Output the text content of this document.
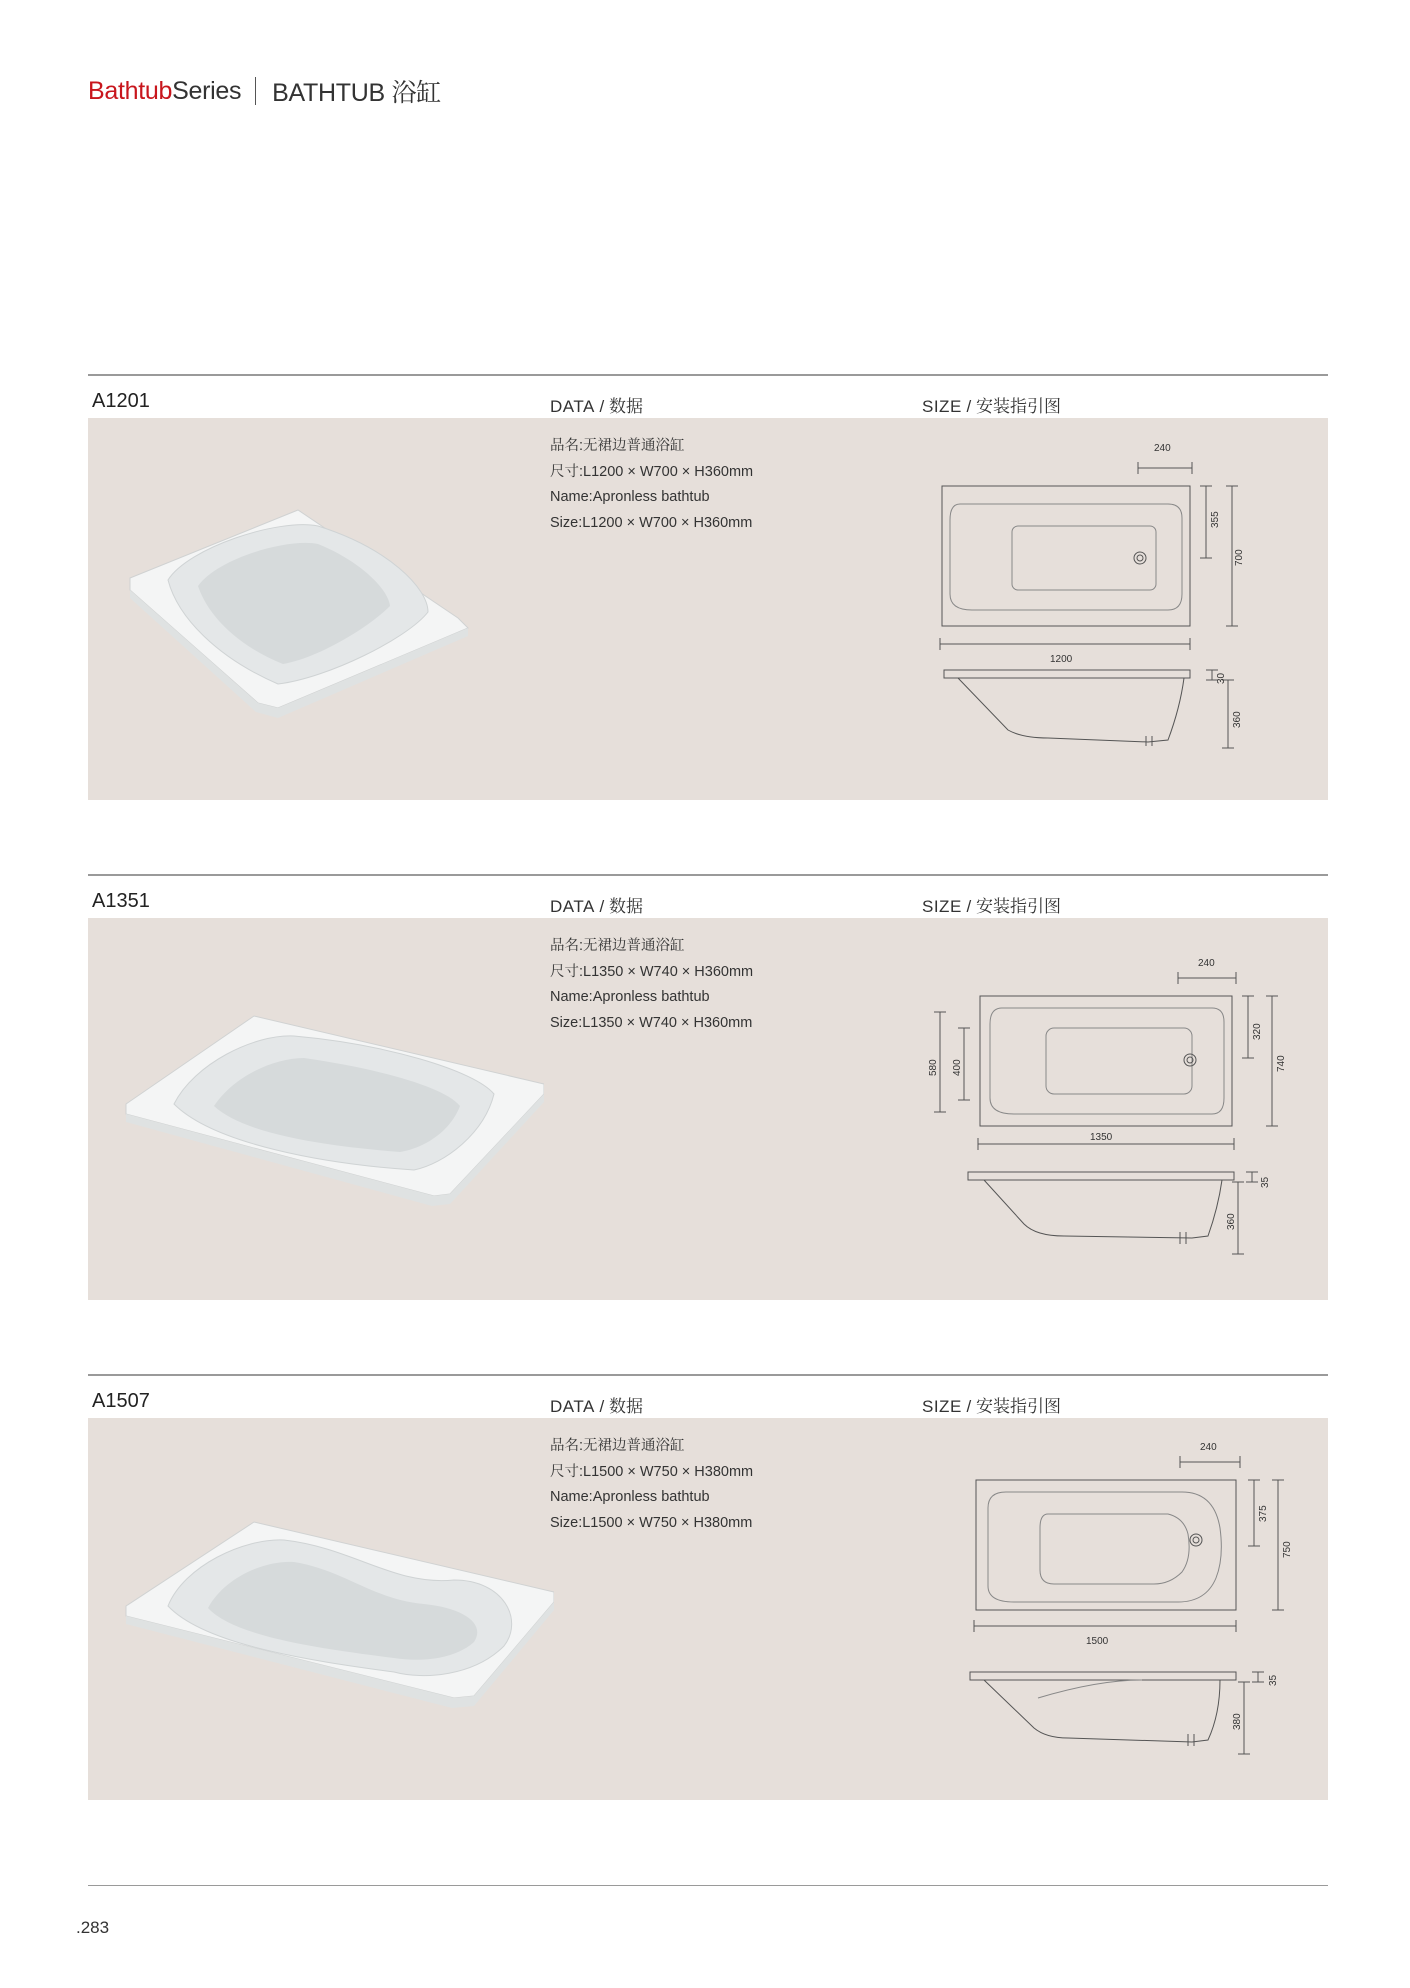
Bathtub Series BATHTUB 浴缸
A1201	DATA / 数据	SIZE / 安装指引图
品名:无裙边普通浴缸
尺寸:L1200 × W700 × H360mm
Name:Apronless bathtub
Size:L1200 × W700 × H360mm
240
355
700
1200
30
360
A1351	DATA / 数据	SIZE / 安装指引图
品名:无裙边普通浴缸
尺寸:L1350 × W740 × H360mm
Name:Apronless bathtub
Size:L1350 × W740 × H360mm
240
580 400
320
740
1350
35
360
A1507	DATA / 数据	SIZE / 安装指引图
品名:无裙边普通浴缸
尺寸:L1500 × W750 × H380mm
Name:Apronless bathtub
Size:L1500 × W750 × H380mm
240
375
750
1500
35
380
.283
